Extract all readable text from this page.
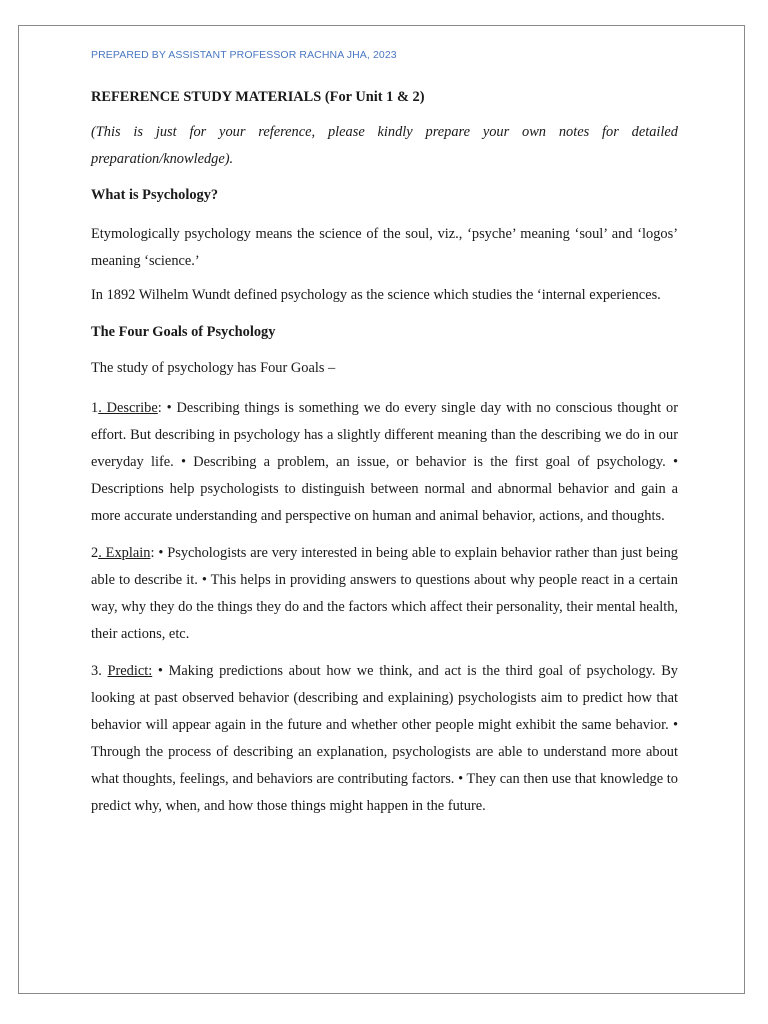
PREPARED BY ASSISTANT PROFESSOR RACHNA JHA, 2023
REFERENCE STUDY MATERIALS (For Unit 1 & 2)
(This is just for your reference, please kindly prepare your own notes for detailed preparation/knowledge).
What is Psychology?

Etymologically psychology means the science of the soul, viz., ‘psyche’ meaning ‘soul’ and ‘logos’ meaning ‘science.’

In 1892 Wilhelm Wundt defined psychology as the science which studies the ‘internal experiences.

The Four Goals of Psychology

The study of psychology has Four Goals –

1. Describe: • Describing things is something we do every single day with no conscious thought or effort. But describing in psychology has a slightly different meaning than the describing we do in our everyday life. • Describing a problem, an issue, or behavior is the first goal of psychology. • Descriptions help psychologists to distinguish between normal and abnormal behavior and gain a more accurate understanding and perspective on human and animal behavior, actions, and thoughts.

2. Explain: • Psychologists are very interested in being able to explain behavior rather than just being able to describe it. • This helps in providing answers to questions about why people react in a certain way, why they do the things they do and the factors which affect their personality, their mental health, their actions, etc.

3. Predict: • Making predictions about how we think, and act is the third goal of psychology. By looking at past observed behavior (describing and explaining) psychologists aim to predict how that behavior will appear again in the future and whether other people might exhibit the same behavior. • Through the process of describing an explanation, psychologists are able to understand more about what thoughts, feelings, and behaviors are contributing factors. • They can then use that knowledge to predict why, when, and how those things might happen in the future.
